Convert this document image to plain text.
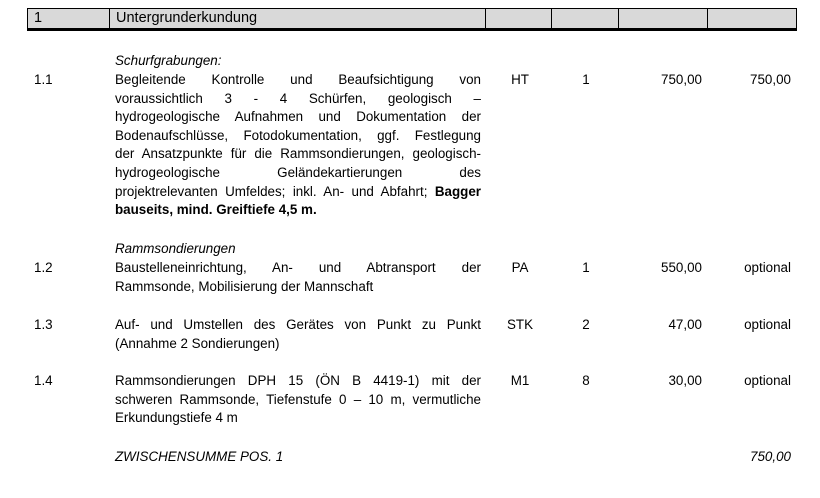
1	Untergrunderkundung
Schurfgrabungen:
1.1	Begleitende Kontrolle und Beaufsichtigung von
voraussichtlich 3 - 4 Schürfen, geologisch –
hydrogeologische Aufnahmen und Dokumentation der
Bodenaufschlüsse, Fotodokumentation, ggf. Festlegung
der Ansatzpunkte für die Rammsondierungen, geologisch-
hydrogeologische Geländekartierungen des
projektrelevanten Umfeldes; inkl. An- und Abfahrt; Bagger
bauseits, mind. Greiftiefe 4,5 m.
HT	1	750,00	750,00
Rammsondierungen
1.2	Baustelleneinrichtung, An- und Abtransport der
Rammsonde, Mobilisierung der Mannschaft
PA	1	550,00	optional
1.3	Auf- und Umstellen des Gerätes von Punkt zu Punkt
(Annahme 2 Sondierungen)
STK	2	47,00	optional
1.4	Rammsondierungen DPH 15 (ÖN B 4419-1) mit der
schweren Rammsonde, Tiefenstufe 0 – 10 m, vermutliche
Erkundungstiefe 4 m
M1	8	30,00	optional
ZWISCHENSUMME POS. 1	750,00
